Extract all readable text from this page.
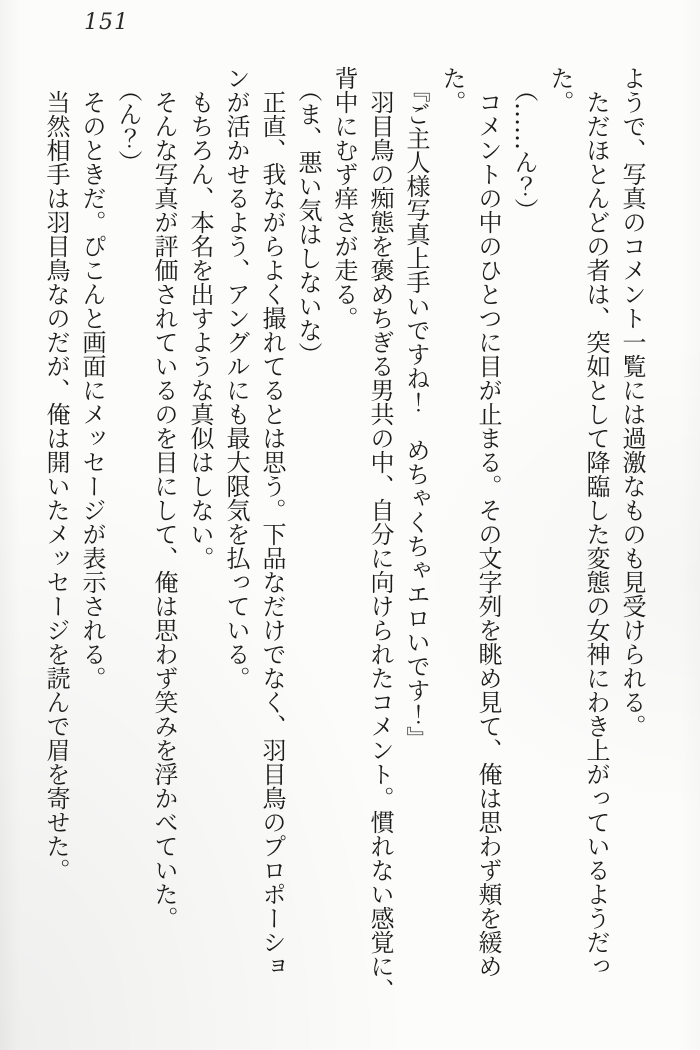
151

ようで、写真のコメント一覧には過激なものも見受けられる。

　ただほとんどの者は、突如として降臨した変態の女神にわき上がっているようだっ

た。

　（……ん？）

　コメントの中のひとつに目が止まる。その文字列を眺め見て、俺は思わず頬を緩め

た。

　『ご主人様写真上手いですね！　めちゃくちゃエロいです！』

　羽目鳥の痴態を褒めちぎる男共の中、自分に向けられたコメント。慣れない感覚に、

背中にむず痒さが走る。

　（ま、悪い気はしないな）

　正直、我ながらよく撮れてるとは思う。下品なだけでなく、羽目鳥のプロポーショ

ンが活かせるよう、アングルにも最大限気を払っている。

　もちろん、本名を出すような真似はしない。

　そんな写真が評価されているのを目にして、俺は思わず笑みを浮かべていた。

　（ん？）

　そのときだ。ぴこんと画面にメッセージが表示される。

　当然相手は羽目鳥なのだが、俺は開いたメッセージを読んで眉を寄せた。
